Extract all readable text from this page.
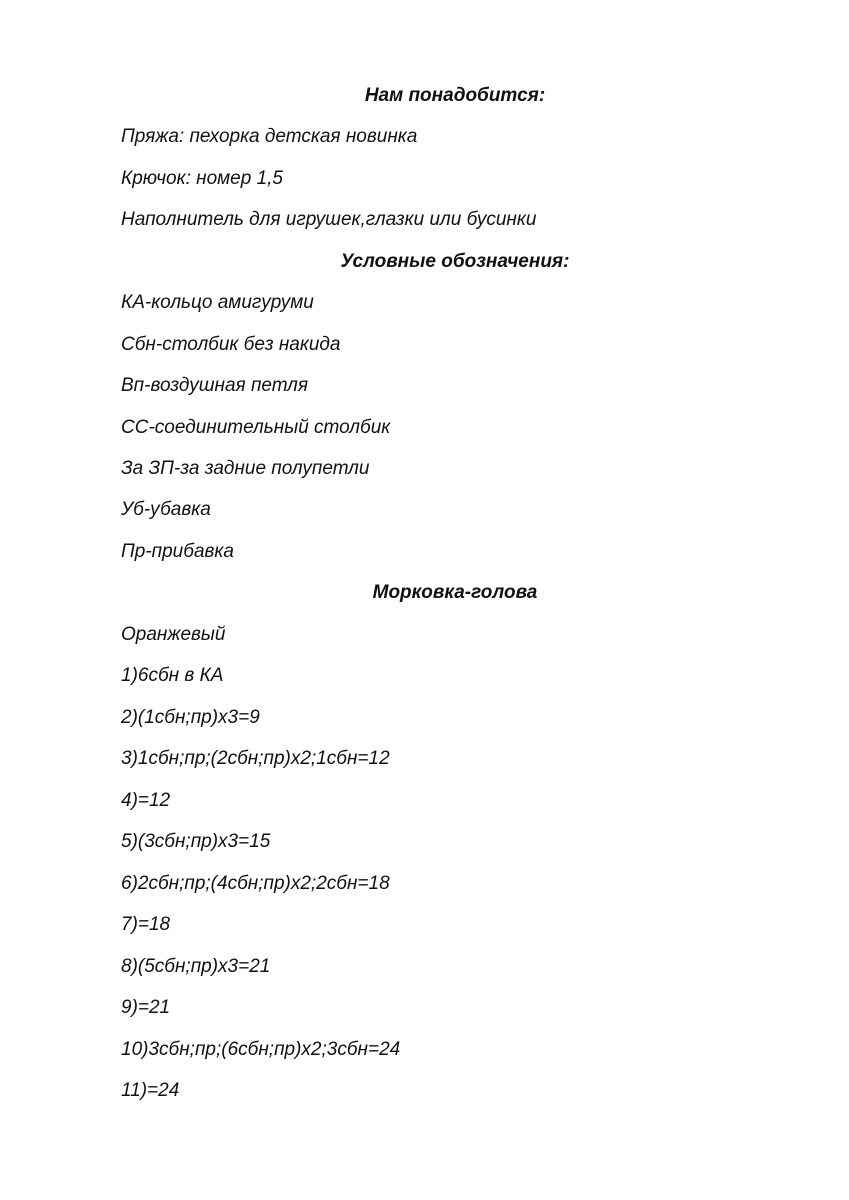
Нам понадобится:
Пряжа: пехорка детская новинка
Крючок: номер 1,5
Наполнитель для игрушек,глазки или бусинки
Условные обозначения:
КА-кольцо амигуруми
Сбн-столбик без накида
Вп-воздушная петля
СС-соединительный столбик
За ЗП-за задние полупетли
Уб-убавка
Пр-прибавка
Морковка-голова
Оранжевый
1)6сбн в КА
2)(1сбн;пр)х3=9
3)1сбн;пр;(2сбн;пр)х2;1сбн=12
4)=12
5)(3сбн;пр)х3=15
6)2сбн;пр;(4сбн;пр)х2;2сбн=18
7)=18
8)(5сбн;пр)х3=21
9)=21
10)3сбн;пр;(6сбн;пр)х2;3сбн=24
11)=24
